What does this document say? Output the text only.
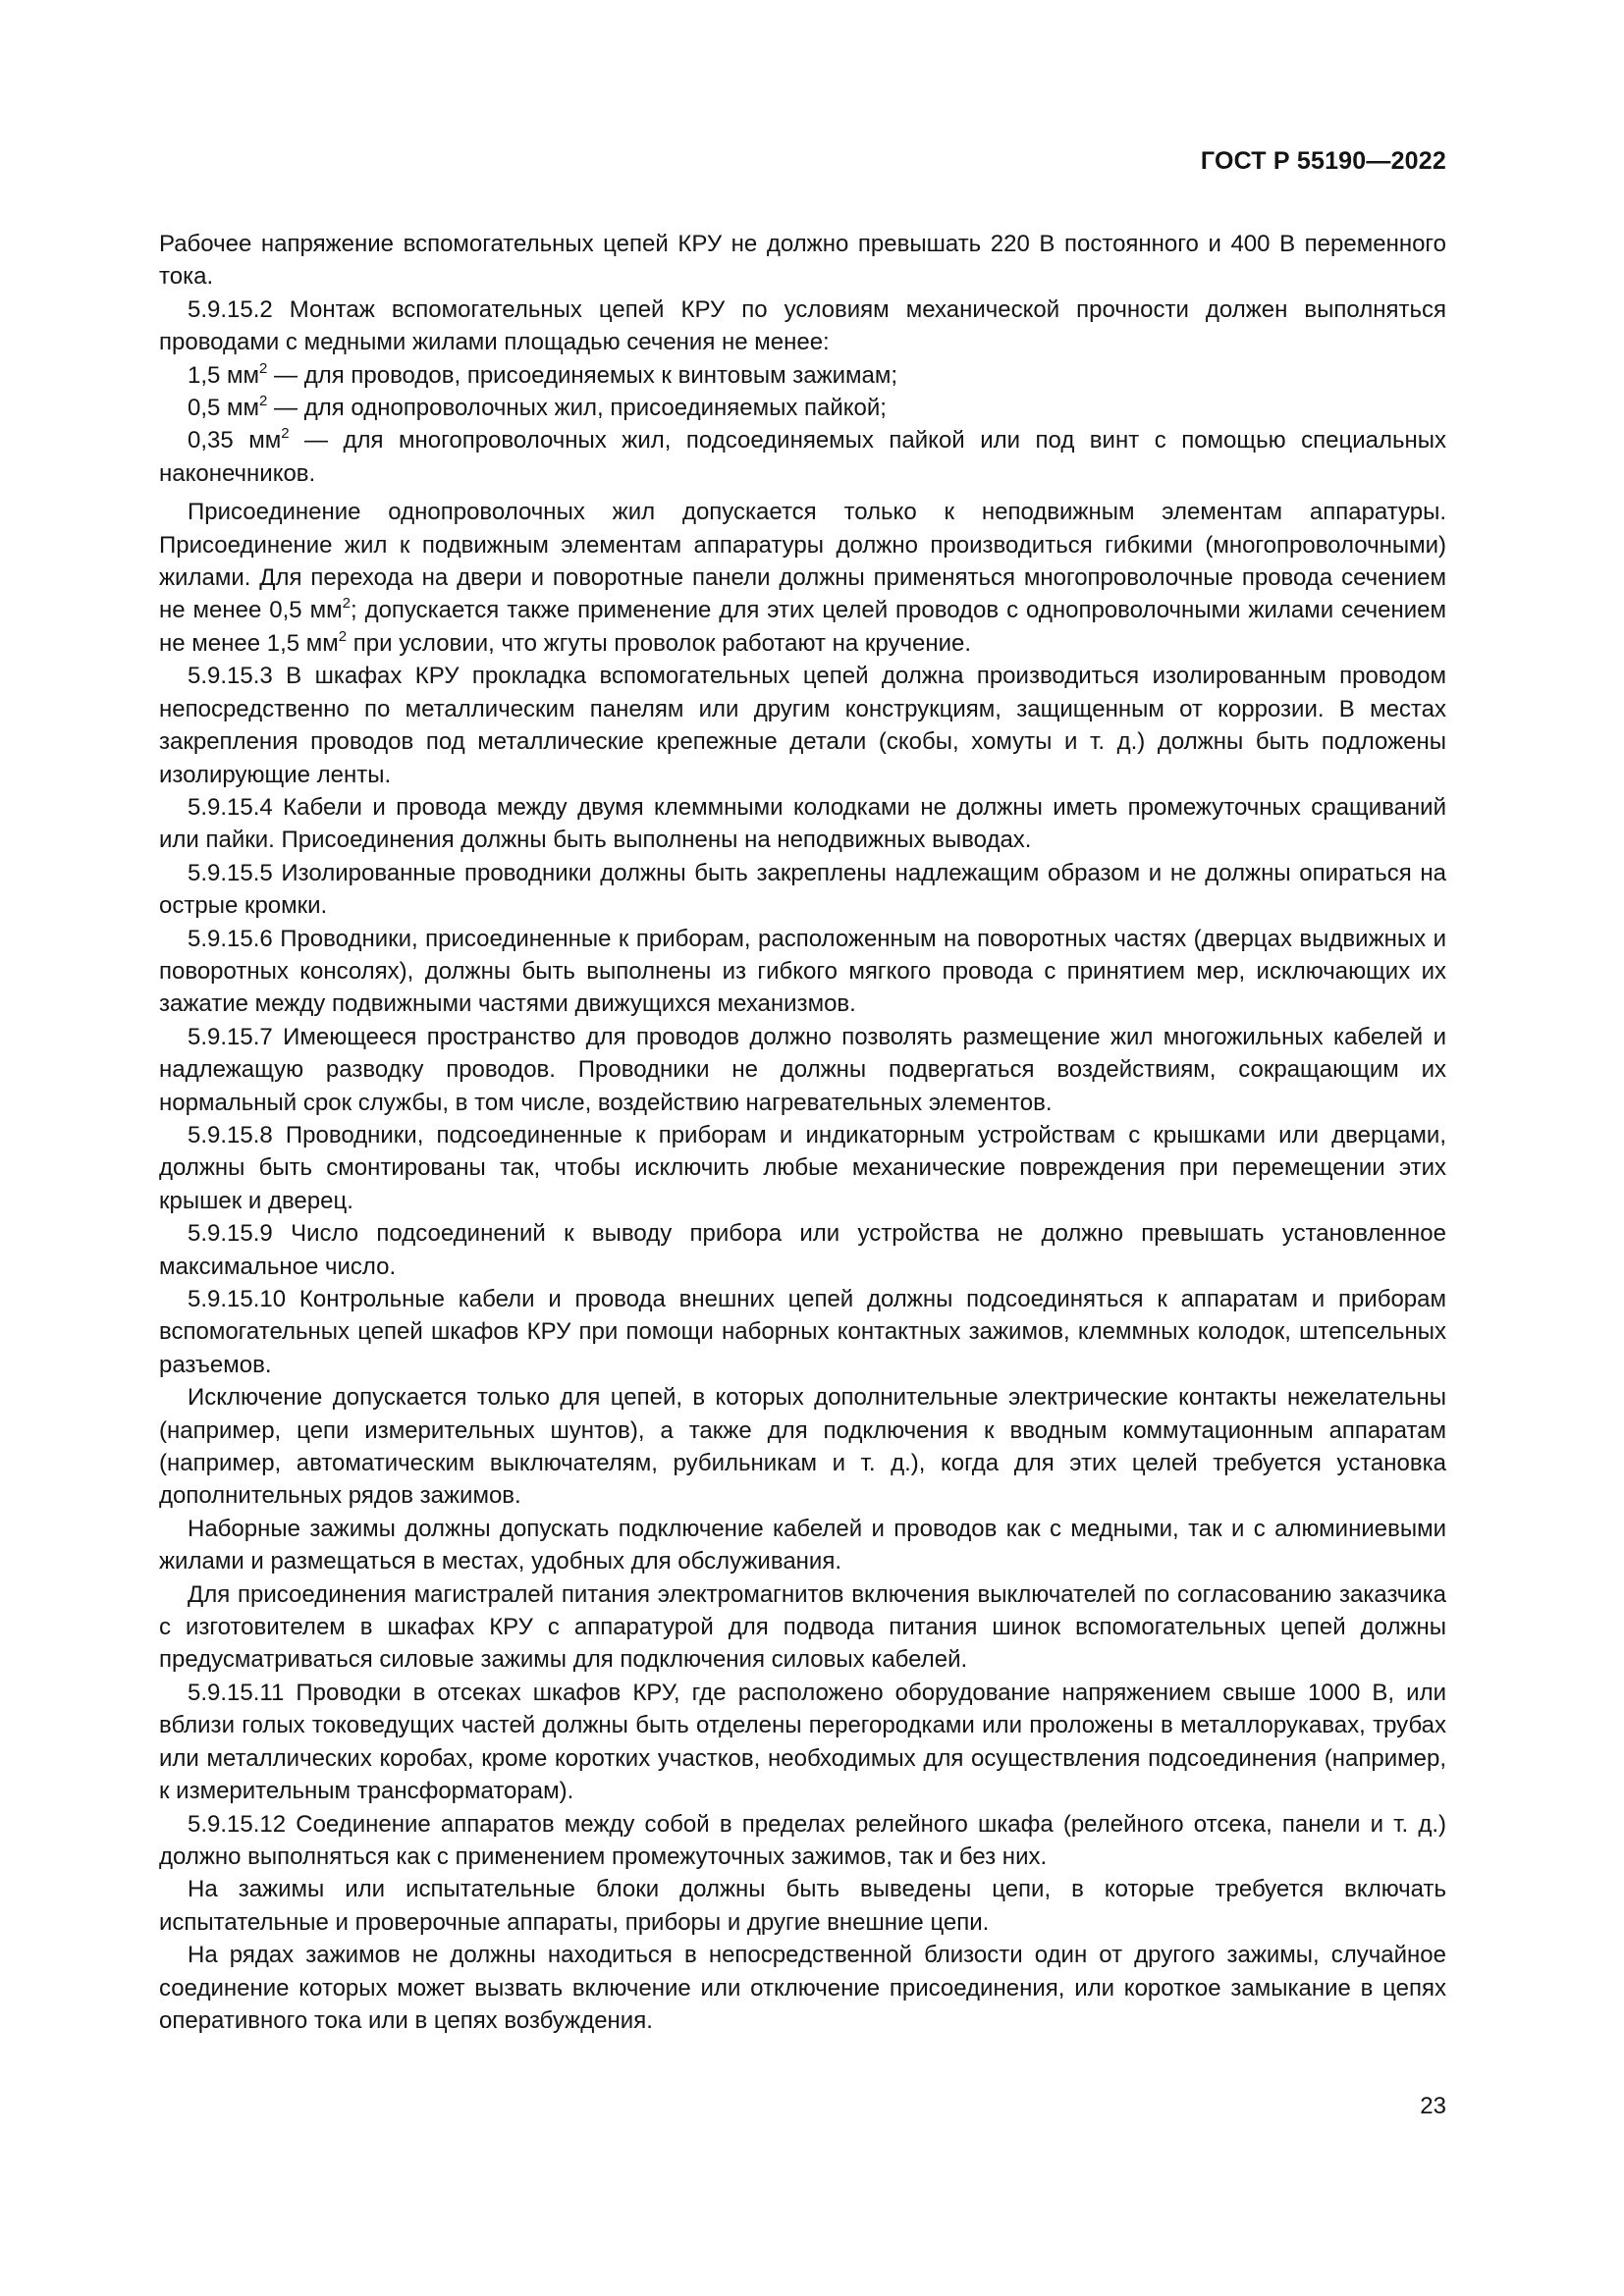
ГОСТ Р 55190—2022

Рабочее напряжение вспомогательных цепей КРУ не должно превышать 220 В постоянного и 400 В переменного тока.

5.9.15.2 Монтаж вспомогательных цепей КРУ по условиям механической прочности должен выполняться проводами с медными жилами площадью сечения не менее:

1,5 $мм^2$ — для проводов, присоединяемых к винтовым зажимам;

0,5 $мм^2$ — для однопроволочных жил, присоединяемых пайкой;

0,35 $мм^2$ — для многопроволочных жил, подсоединяемых пайкой или под винт с помощью специальных наконечников.

Присоединение однопроволочных жил допускается только к неподвижным элементам аппаратуры. Присоединение жил к подвижным элементам аппаратуры должно производиться гибкими (многопроволочными) жилами. Для перехода на двери и поворотные панели должны применяться многопроволочные провода сечением не менее 0,5 $мм^2$; допускается также применение для этих целей проводов с однопроволочными жилами сечением не менее 1,5 $мм^2$ при условии, что жгуты проволок работают на кручение.

5.9.15.3 В шкафах КРУ прокладка вспомогательных цепей должна производиться изолированным проводом непосредственно по металлическим панелям или другим конструкциям, защищенным от коррозии. В местах закрепления проводов под металлические крепежные детали (скобы, хомуты и т. д.) должны быть подложены изолирующие ленты.

5.9.15.4 Кабели и провода между двумя клеммными колодками не должны иметь промежуточных сращиваний или пайки. Присоединения должны быть выполнены на неподвижных выводах.

5.9.15.5 Изолированные проводники должны быть закреплены надлежащим образом и не должны опираться на острые кромки.

5.9.15.6 Проводники, присоединенные к приборам, расположенным на поворотных частях (дверцах выдвижных и поворотных консолях), должны быть выполнены из гибкого мягкого провода с принятием мер, исключающих их зажатие между подвижными частями движущихся механизмов.

5.9.15.7 Имеющееся пространство для проводов должно позволять размещение жил многожильных кабелей и надлежащую разводку проводов. Проводники не должны подвергаться воздействиям, сокращающим их нормальный срок службы, в том числе, воздействию нагревательных элементов.

5.9.15.8 Проводники, подсоединенные к приборам и индикаторным устройствам с крышками или дверцами, должны быть смонтированы так, чтобы исключить любые механические повреждения при перемещении этих крышек и дверец.

5.9.15.9 Число подсоединений к выводу прибора или устройства не должно превышать установленное максимальное число.

5.9.15.10 Контрольные кабели и провода внешних цепей должны подсоединяться к аппаратам и приборам вспомогательных цепей шкафов КРУ при помощи наборных контактных зажимов, клеммных колодок, штепсельных разъемов.

Исключение допускается только для цепей, в которых дополнительные электрические контакты нежелательны (например, цепи измерительных шунтов), а также для подключения к вводным коммутационным аппаратам (например, автоматическим выключателям, рубильникам и т. д.), когда для этих целей требуется установка дополнительных рядов зажимов.

Наборные зажимы должны допускать подключение кабелей и проводов как с медными, так и с алюминиевыми жилами и размещаться в местах, удобных для обслуживания.

Для присоединения магистралей питания электромагнитов включения выключателей по согласованию заказчика с изготовителем в шкафах КРУ с аппаратурой для подвода питания шинок вспомогательных цепей должны предусматриваться силовые зажимы для подключения силовых кабелей.

5.9.15.11 Проводки в отсеках шкафов КРУ, где расположено оборудование напряжением свыше 1000 В, или вблизи голых токоведущих частей должны быть отделены перегородками или проложены в металлорукавах, трубах или металлических коробах, кроме коротких участков, необходимых для осуществления подсоединения (например, к измерительным трансформаторам).

5.9.15.12 Соединение аппаратов между собой в пределах релейного шкафа (релейного отсека, панели и т. д.) должно выполняться как с применением промежуточных зажимов, так и без них.

На зажимы или испытательные блоки должны быть выведены цепи, в которые требуется включать испытательные и проверочные аппараты, приборы и другие внешние цепи.

На рядах зажимов не должны находиться в непосредственной близости один от другого зажимы, случайное соединение которых может вызвать включение или отключение присоединения, или короткое замыкание в цепях оперативного тока или в цепях возбуждения.

23
